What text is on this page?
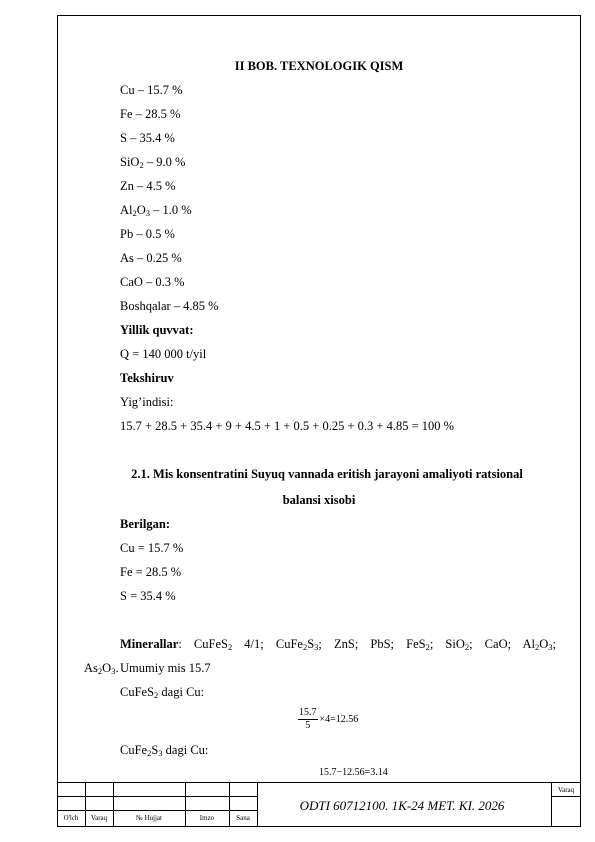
II BOB. TEXNOLOGIK QISM
Cu – 15.7 %
Fe – 28.5 %
S – 35.4 %
SiO$_2$ – 9.0 %
Zn – 4.5 %
$Al_2O_3 - 1.0$ %
Pb – 0.5 %
As – 0.25 %
CaO – 0.3 %
Boshqalar – 4.85 %
Yillik quvvat:
Q = 140 000 t/yil
Tekshiruv
Yig’indisi:
15.7 + 28.5 + 35.4 + 9 + 4.5 + 1 + 0.5 + 0.25 + 0.3 + 4.85 = 100 %
2.1. Mis konsentratini Suyuq vannada eritish jarayoni amaliyoti ratsional
balansi xisobi
Berilgan:
Cu = 15.7 %
Fe = 28.5 %
S = 35.4 %
Minerallar: CuFeS$_2$ 4/1; $CuFe_2S_3$; ZnS; PbS; FeS$_2$; SiO$_2$; CaO; $Al_2O_3$;
$As_2O_3$. Umumiy mis 15.7
CuFeS$_2$ dagi Cu:
$\frac{15.7}{5} \times 4=12.56$
$CuFe_2S_3$ dagi Cu:
15.7−12.56=3.14
O'lch	Varaq	№ Hujjat	Imzo	Sana
ODTI 60712100. 1K-24 MET. KI. 2026
Varaq
